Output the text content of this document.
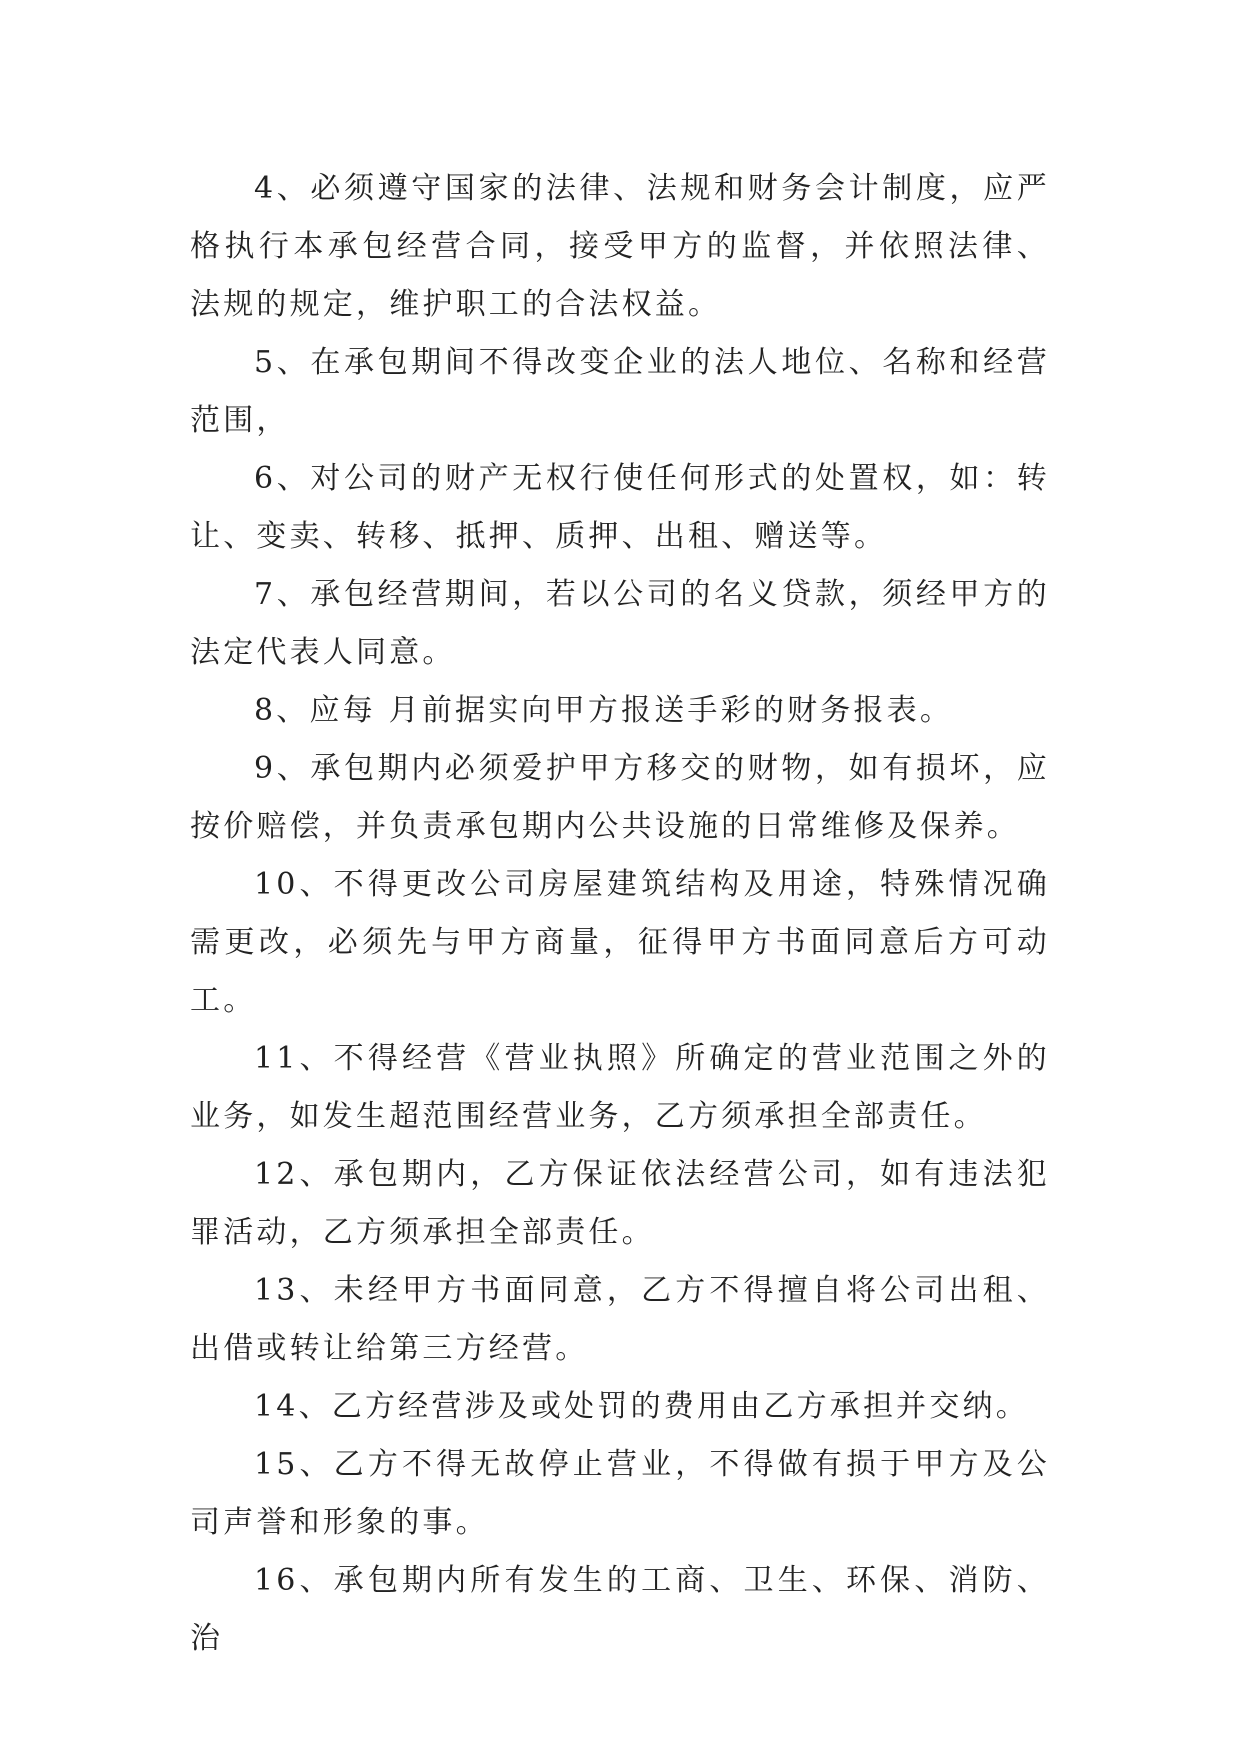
4、必须遵守国家的法律、法规和财务会计制度，应严格执行本承包经营合同，接受甲方的监督，并依照法律、法规的规定，维护职工的合法权益。

5、在承包期间不得改变企业的法人地位、名称和经营范围，

6、对公司的财产无权行使任何形式的处置权，如：转让、变卖、转移、抵押、质押、出租、赠送等。

7、承包经营期间，若以公司的名义贷款，须经甲方的法定代表人同意。

8、应每 月前据实向甲方报送手彩的财务报表。

9、承包期内必须爱护甲方移交的财物，如有损坏，应按价赔偿，并负责承包期内公共设施的日常维修及保养。

10、不得更改公司房屋建筑结构及用途，特殊情况确需更改，必须先与甲方商量，征得甲方书面同意后方可动工。

11、不得经营《营业执照》所确定的营业范围之外的业务，如发生超范围经营业务，乙方须承担全部责任。

12、承包期内，乙方保证依法经营公司，如有违法犯罪活动，乙方须承担全部责任。

13、未经甲方书面同意，乙方不得擅自将公司出租、出借或转让给第三方经营。

14、乙方经营涉及或处罚的费用由乙方承担并交纳。

15、乙方不得无故停止营业，不得做有损于甲方及公司声誉和形象的事。

16、承包期内所有发生的工商、卫生、环保、消防、治
